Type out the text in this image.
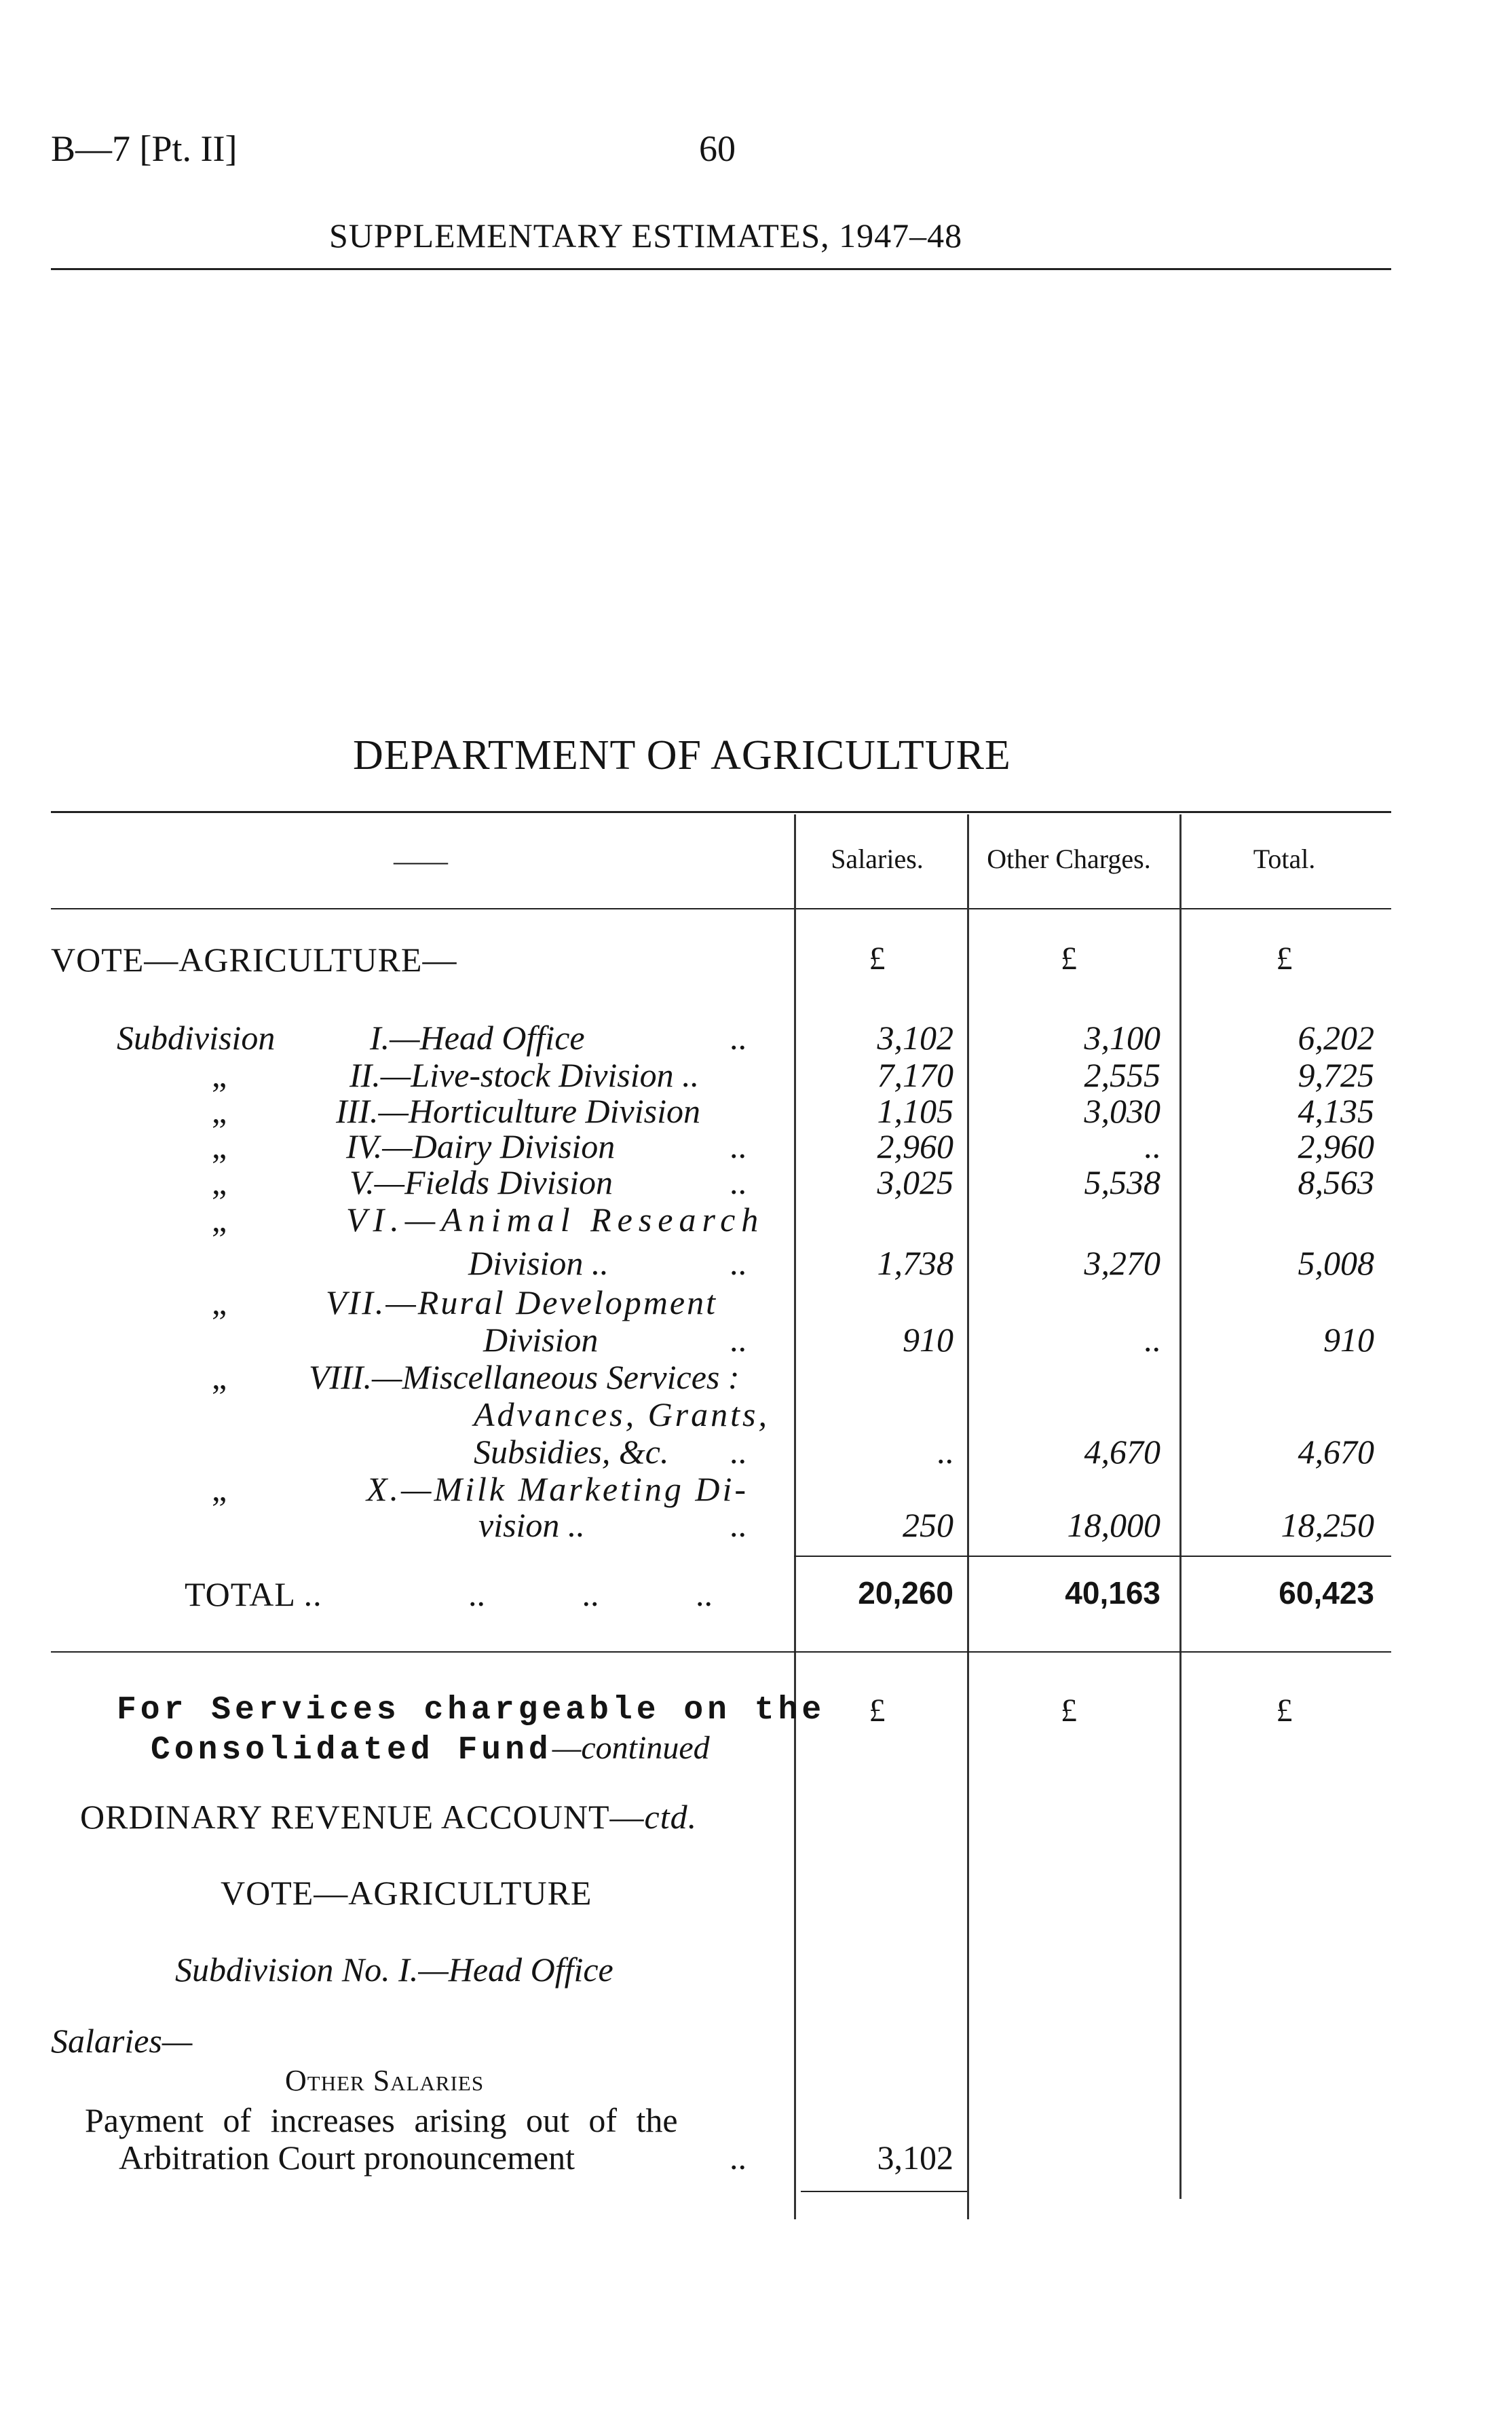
B—7 [Pt. II]	60
SUPPLEMENTARY ESTIMATES, 1947–48
DEPARTMENT OF AGRICULTURE
——	Salaries.	Other Charges.	Total.
VOTE—AGRICULTURE—	£	£	£
Subdivision	I.—Head Office	..	3,102	3,100	6,202
„	II.—Live-stock Division ..	7,170	2,555	9,725
„	III.—Horticulture Division	1,105	3,030	4,135
„	IV.—Dairy Division	..	2,960	..	2,960
„	V.—Fields Division	..	3,025	5,538	8,563
„	VI.—Animal Research
Division ..	..	1,738	3,270	5,008
„	VII.—Rural Development
Division	..	910	..	910
„ VIII.—Miscellaneous Services :
Advances, Grants,
Subsidies, &c. ..	..	4,670	4,670
„	X.—Milk Marketing Di-
vision ..	..	250	18,000	18,250
TOTAL ..	.. .. ..	20,260	40,163	60,423
For Services chargeable on the
Consolidated Fund—continued
£	£	£
ORDINARY REVENUE ACCOUNT—ctd.
VOTE—AGRICULTURE
Subdivision No. I.—Head Office
Salaries—
Other Salaries
Payment of increases arising out of the
Arbitration Court pronouncement	..	3,102
